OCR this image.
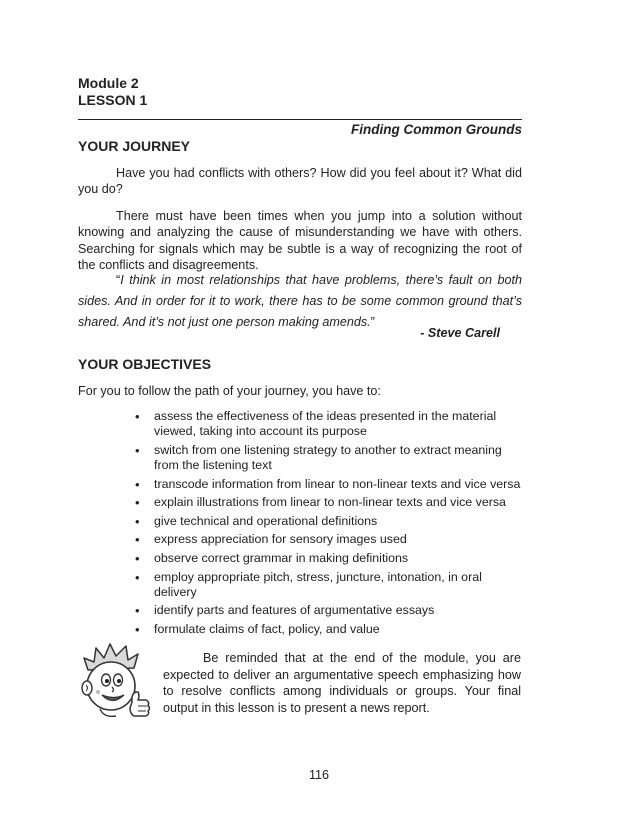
Module 2
LESSON 1
Finding Common Grounds
YOUR JOURNEY
Have you had conflicts with others? How did you feel about it? What did you do?
There must have been times when you jump into a solution without knowing and analyzing the cause of misunderstanding we have with others. Searching for signals which may be subtle is a way of recognizing the root of the conflicts and disagreements.
“I think in most relationships that have problems, there’s fault on both sides. And in order for it to work, there has to be some common ground that’s shared. And it’s not just one person making amends.”
- Steve Carell
YOUR OBJECTIVES
For you to follow the path of your journey, you have to:
• assess the effectiveness of the ideas presented in the material viewed, taking into account its purpose
• switch from one listening strategy to another to extract meaning from the listening text
• transcode information from linear to non-linear texts and vice versa
• explain illustrations from linear to non-linear texts and vice versa
• give technical and operational definitions
• express appreciation for sensory images used
• observe correct grammar in making definitions
• employ appropriate pitch, stress, juncture, intonation, in oral delivery
• identify parts and features of argumentative essays
• formulate claims of fact, policy, and value
Be reminded that at the end of the module, you are expected to deliver an argumentative speech emphasizing how to resolve conflicts among individuals or groups. Your final output in this lesson is to present a news report.
116
